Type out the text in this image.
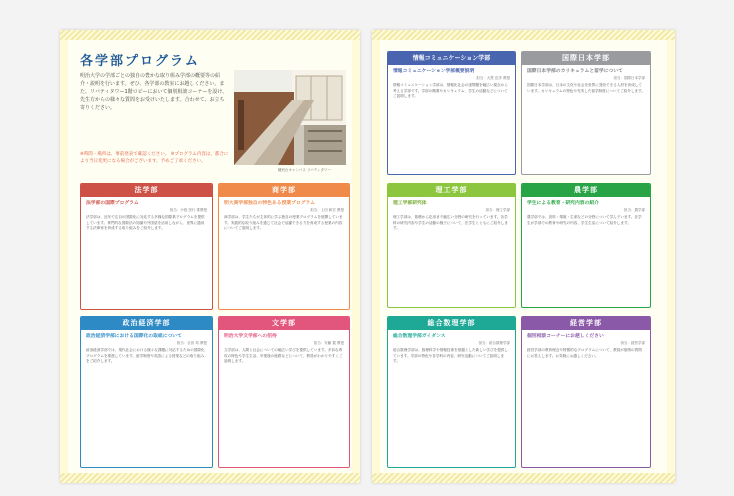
各学部プログラム
明治大学の学部ごとの独自の豊かな取り組み学部の概要等の紹介・説明を行います。ぜひ、各学部の教室にお越しください。また、リバティタワー1階ロビーにおいて個別相談コーナーを設け、先生方からの様々な質問をお受けいたします。合わせて、お立ち寄りください。
※時間・場所は、事前発表で確認ください。 ※プログラム内容は、都合により当日変更になる場合がございます。予めご了承ください。
駿河台キャンパス リバティタワー
法学部
法学部の国際プログラム
担当：小島 崇行 准教授
法学部は、近年で注目の国際化に対応する多様な国際系プログラムを提供しています。専門的な国際法の知識や外国語を活用しながら、世界に通用する法律家を育成する取り組みをご紹介します。
商学部
明大商学部独自の特色ある授業プログラム
担当：上田 和宏 教授
商学部は、学生たちが主体的に学ぶ独自の授業プログラムを展開しています。実践的な取り組みを通じて社会で活躍できる力を育成する授業の内容についてご説明します。
政治経済学部
政治経済学部における国際化の取組について
担当：吉田 均 教授
政治経済学部では、現代社会における様々な課題に対応するための国際化プログラムを推進しています。留学制度や英語による授業などの取り組みをご紹介します。
文学部
明治大学文学部への招待
担当：安藤 寛 教授
文学部は、人間と社会についての幅広い学びを提供しています。多彩な専攻の特色や学生生活、卒業後の進路などについて、教員がわかりやすくご説明します。
情報コミュニケーション学部
情報コミュニケーション学部概要説明
担当：大黒 岳彦 教授
情報コミュニケーション学部は、情報化社会の諸問題を幅広い視点から考える学部です。学部の概要やカリキュラム、学生の活動などについてご説明します。
国際日本学部
国際日本学部のカリキュラムと留学について
担当：国際日本学部
国際日本学部は、日本の文化や社会を世界に発信できる人材を育成しています。カリキュラムの特色や充実した留学制度についてご紹介します。
理工学部
理工学部研究体
担当：理工学部
理工学部は、基礎から応用まで幅広い分野の研究を行っています。各学科の研究内容や学生の活動の様子について、在学生とともにご紹介します。
農学部
学生による教育・研究内容の紹介
担当：農学部
農学部では、食料・環境・生命などの分野について学んでいます。在学生が学部での教育や研究の内容、学生生活について紹介します。
総合数理学部
総合数理学部ガイダンス
担当：総合数理学部
総合数理学部は、数理科学や情報技術を基盤とした新しい学びを提供しています。学部の特色や各学科の内容、研究活動についてご説明します。
経営学部
個別相談コーナーにお越しください
担当：経営学部
経営学部の教育理念や特徴的なプログラムについて、教員が個別の質問にお答えします。お気軽にお越しください。
